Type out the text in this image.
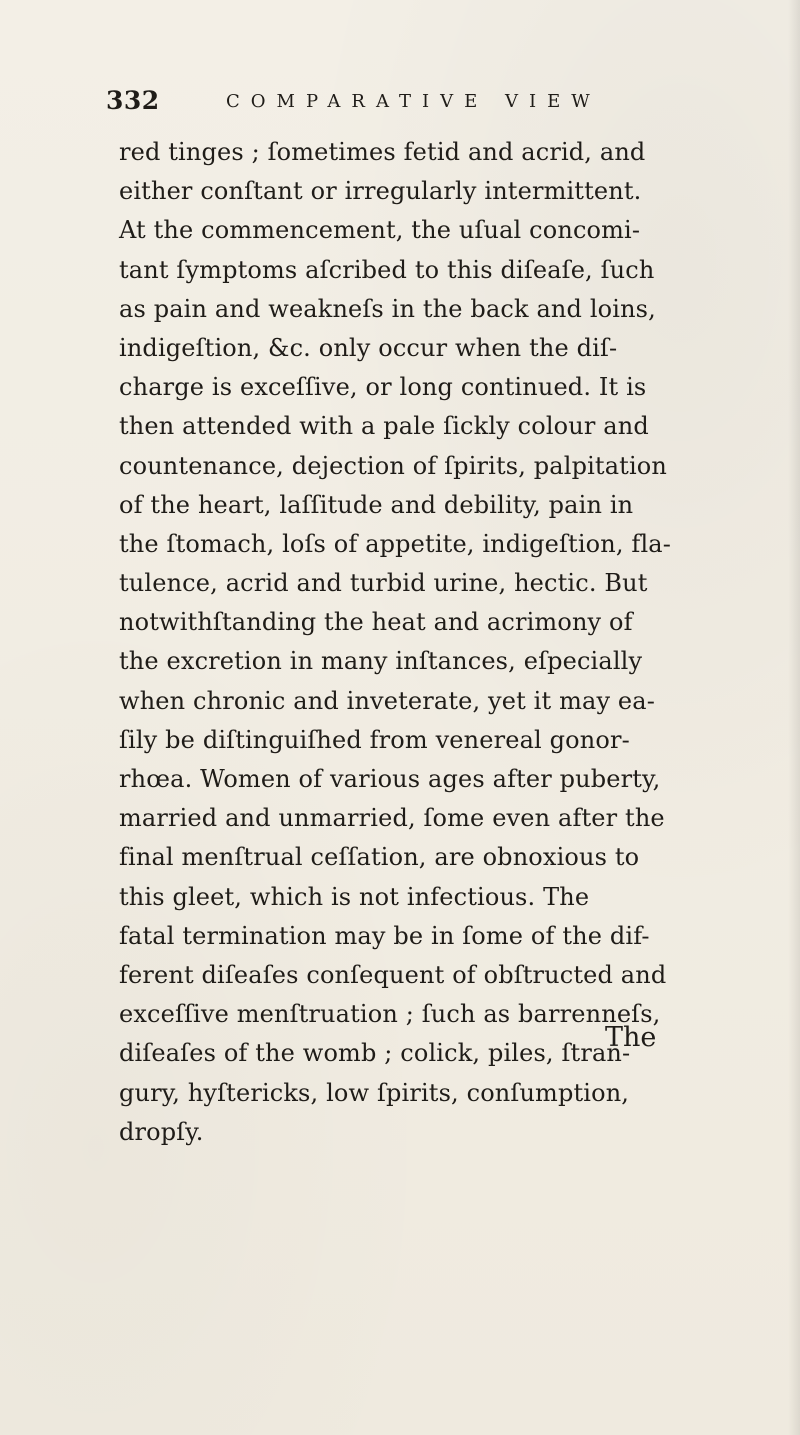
332	COMPARATIVE VIEW
red tinges ; ſometimes fetid and acrid, and
either conſtant or irregularly intermittent.
At the commencement, the uſual concomi-
tant ſymptoms aſcribed to this diſeaſe, ſuch
as pain and weakneſs in the back and loins,
indigeſtion, &c. only occur when the diſ-
charge is exceſſive, or long continued. It is
then attended with a pale ſickly colour and
countenance, dejection of ſpirits, palpitation
of the heart, laſſitude and debility, pain in
the ſtomach, loſs of appetite, indigeſtion, fla-
tulence, acrid and turbid urine, hectic. But
notwithſtanding the heat and acrimony of
the excretion in many inſtances, eſpecially
when chronic and inveterate, yet it may ea-
ſily be diſtinguiſhed from venereal gonor-
rhœa. Women of various ages after puberty,
married and unmarried, ſome even after the
final menſtrual ceſſation, are obnoxious to
this gleet, which is not infectious. The
fatal termination may be in ſome of the dif-
ferent diſeaſes conſequent of obſtructed and
exceſſive menſtruation ; ſuch as barrenneſs,
diſeaſes of the womb ; colick, piles, ſtran-
gury, hyſtericks, low ſpirits, conſumption,
dropſy.
The
